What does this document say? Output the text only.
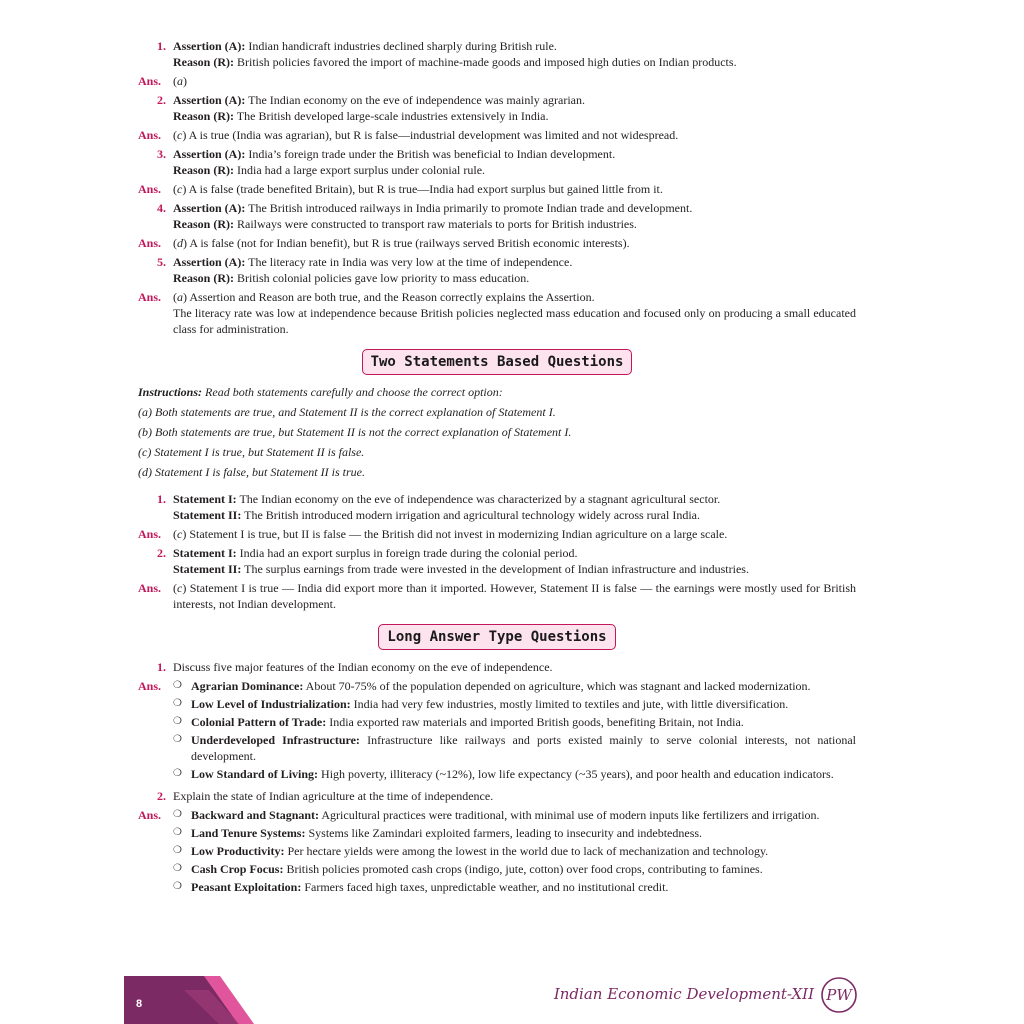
1. Assertion (A): Indian handicraft industries declined sharply during British rule.
Reason (R): British policies favored the import of machine-made goods and imposed high duties on Indian products.
Ans. (a)
2. Assertion (A): The Indian economy on the eve of independence was mainly agrarian.
Reason (R): The British developed large-scale industries extensively in India.
Ans. (c) A is true (India was agrarian), but R is false—industrial development was limited and not widespread.
3. Assertion (A): India’s foreign trade under the British was beneficial to Indian development.
Reason (R): India had a large export surplus under colonial rule.
Ans. (c) A is false (trade benefited Britain), but R is true—India had export surplus but gained little from it.
4. Assertion (A): The British introduced railways in India primarily to promote Indian trade and development.
Reason (R): Railways were constructed to transport raw materials to ports for British industries.
Ans. (d) A is false (not for Indian benefit), but R is true (railways served British economic interests).
5. Assertion (A): The literacy rate in India was very low at the time of independence.
Reason (R): British colonial policies gave low priority to mass education.
Ans. (a) Assertion and Reason are both true, and the Reason correctly explains the Assertion.
The literacy rate was low at independence because British policies neglected mass education and focused only on producing a small educated class for administration.
Two Statements Based Questions
Instructions: Read both statements carefully and choose the correct option:
(a) Both statements are true, and Statement II is the correct explanation of Statement I.
(b) Both statements are true, but Statement II is not the correct explanation of Statement I.
(c) Statement I is true, but Statement II is false.
(d) Statement I is false, but Statement II is true.
1. Statement I: The Indian economy on the eve of independence was characterized by a stagnant agricultural sector.
Statement II: The British introduced modern irrigation and agricultural technology widely across rural India.
Ans. (c) Statement I is true, but II is false — the British did not invest in modernizing Indian agriculture on a large scale.
2. Statement I: India had an export surplus in foreign trade during the colonial period.
Statement II: The surplus earnings from trade were invested in the development of Indian infrastructure and industries.
Ans. (c) Statement I is true — India did export more than it imported. However, Statement II is false — the earnings were mostly used for British interests, not Indian development.
Long Answer Type Questions
1. Discuss five major features of the Indian economy on the eve of independence.
Ans.	❍ Agrarian Dominance: About 70-75% of the population depended on agriculture, which was stagnant and lacked modernization.
❍ Low Level of Industrialization: India had very few industries, mostly limited to textiles and jute, with little diversification.
❍ Colonial Pattern of Trade: India exported raw materials and imported British goods, benefiting Britain, not India.
❍ Underdeveloped Infrastructure: Infrastructure like railways and ports existed mainly to serve colonial interests, not national development.
❍ Low Standard of Living: High poverty, illiteracy (~12%), low life expectancy (~35 years), and poor health and education indicators.
2. Explain the state of Indian agriculture at the time of independence.
Ans.	❍ Backward and Stagnant: Agricultural practices were traditional, with minimal use of modern inputs like fertilizers and irrigation.
❍ Land Tenure Systems: Systems like Zamindari exploited farmers, leading to insecurity and indebtedness.
❍ Low Productivity: Per hectare yields were among the lowest in the world due to lack of mechanization and technology.
❍ Cash Crop Focus: British policies promoted cash crops (indigo, jute, cotton) over food crops, contributing to famines.
❍ Peasant Exploitation: Farmers faced high taxes, unpredictable weather, and no institutional credit.
8
Indian Economic Development-XII PW
